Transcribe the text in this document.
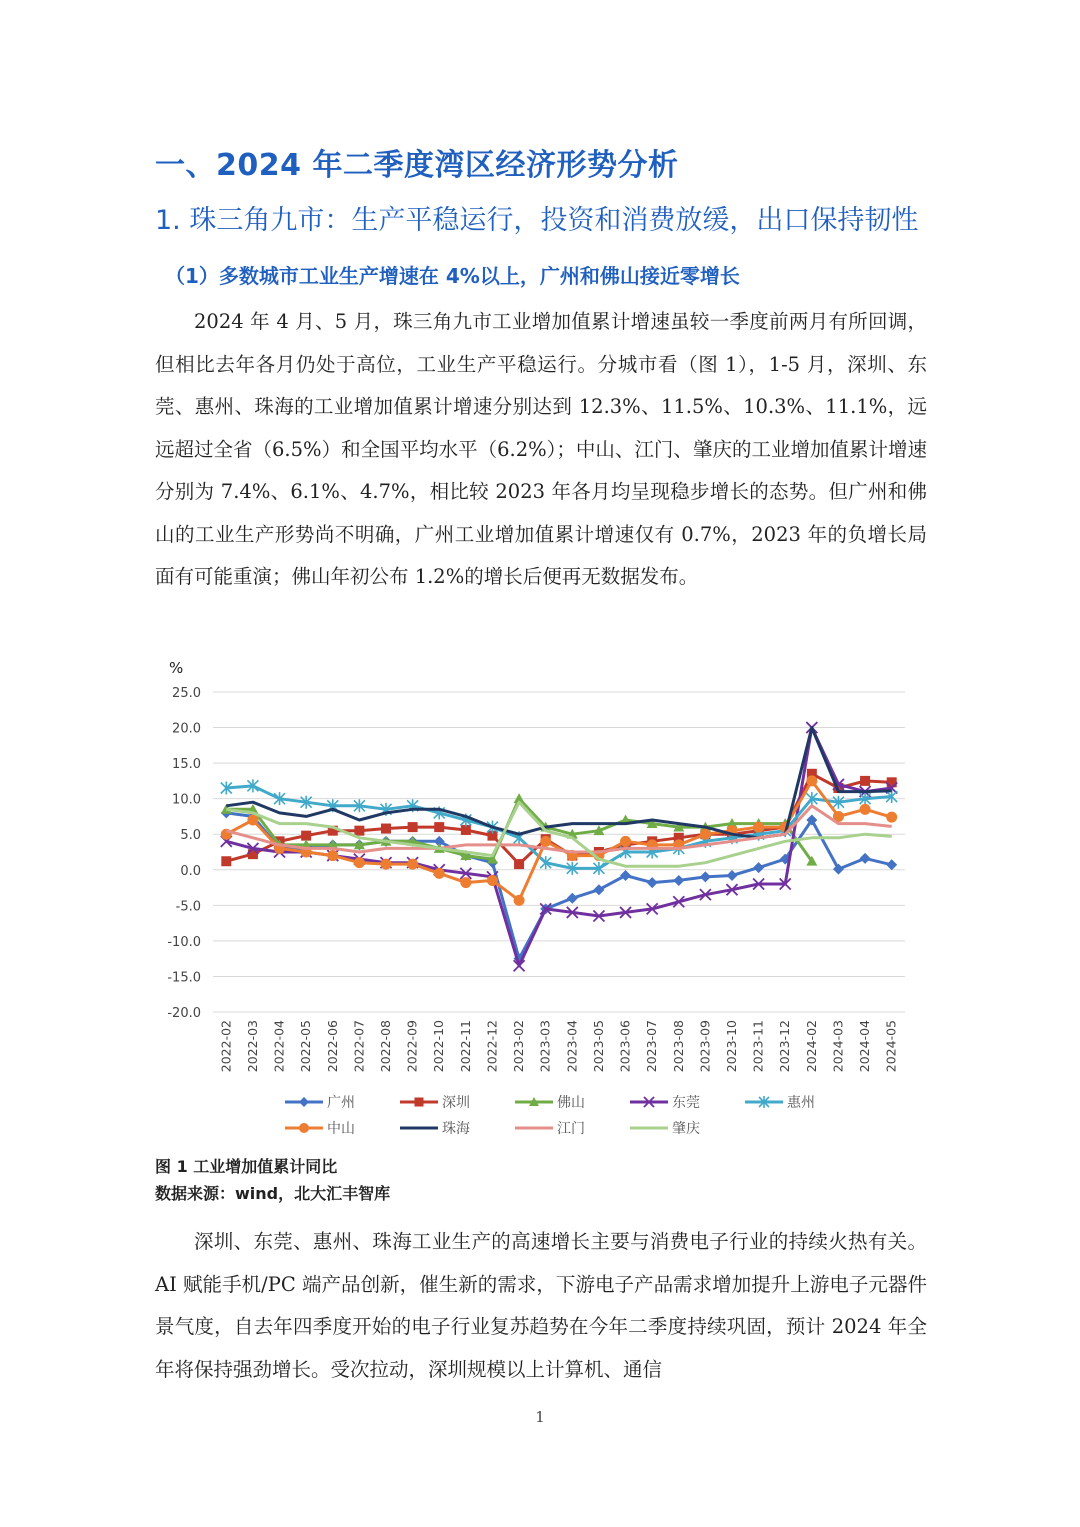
一、2024 年二季度湾区经济形势分析
1. 珠三角九市：生产平稳运行，投资和消费放缓，出口保持韧性
（1）多数城市工业生产增速在 4%以上，广州和佛山接近零增长

2024 年 4 月、5 月，珠三角九市工业增加值累计增速虽较一季度前两月有所回调，但相比去年各月仍处于高位，工业生产平稳运行。分城市看（图 1），1-5 月，深圳、东莞、惠州、珠海的工业增加值累计增速分别达到 12.3%、11.5%、10.3%、11.1%，远远超过全省（6.5%）和全国平均水平（6.2%）；中山、江门、肇庆的工业增加值累计增速分别为 7.4%、6.1%、4.7%，相比较 2023 年各月均呈现稳步增长的态势。但广州和佛山的工业生产形势尚不明确，广州工业增加值累计增速仅有 0.7%，2023 年的负增长局面有可能重演；佛山年初公布 1.2%的增长后便再无数据发布。

%
25.0
20.0
15.0
10.0
5.0
0.0
-5.0
-10.0
-15.0
-20.0
2022-02 2022-03 2022-04 2022-05 2022-06 2022-07 2022-08 2022-09 2022-10 2022-11 2022-12 2023-02 2023-03 2023-04 2023-05 2023-06 2023-07 2023-08 2023-09 2023-10 2023-11 2023-12 2024-02 2024-03 2024-04 2024-05
广州	深圳	佛山	东莞	惠州
中山	珠海	江门	肇庆
图 1 工业增加值累计同比
数据来源：wind，北大汇丰智库

深圳、东莞、惠州、珠海工业生产的高速增长主要与消费电子行业的持续火热有关。AI 赋能手机/PC 端产品创新，催生新的需求，下游电子产品需求增加提升上游电子元器件景气度，自去年四季度开始的电子行业复苏趋势在今年二季度持续巩固，预计 2024 年全年将保持强劲增长。受次拉动，深圳规模以上计算机、通信

1
